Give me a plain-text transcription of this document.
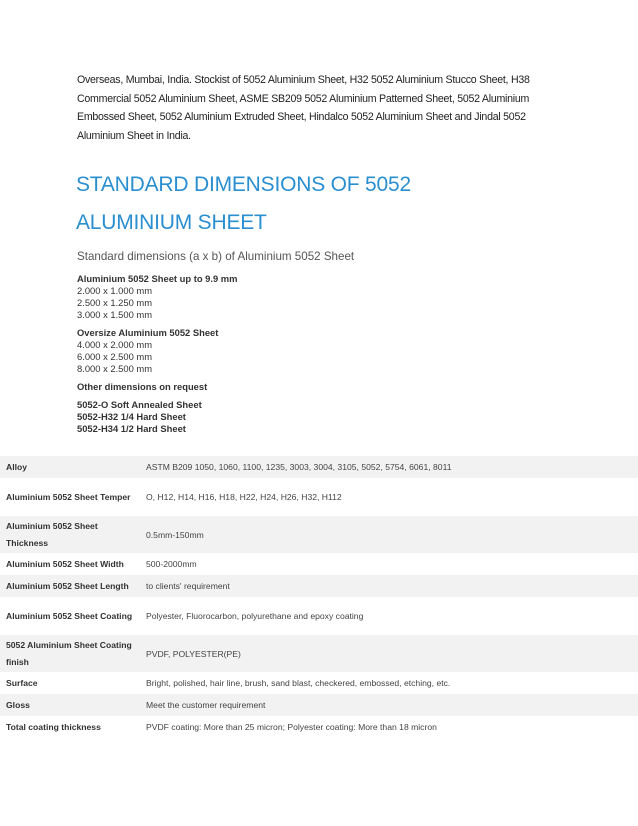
Overseas, Mumbai, India. Stockist of 5052 Aluminium Sheet, H32 5052 Aluminium Stucco Sheet, H38 Commercial 5052 Aluminium Sheet, ASME SB209 5052 Aluminium Patterned Sheet, 5052 Aluminium Embossed Sheet, 5052 Aluminium Extruded Sheet, Hindalco 5052 Aluminium Sheet and Jindal 5052 Aluminium Sheet in India.
STANDARD DIMENSIONS OF 5052
ALUMINIUM SHEET
Standard dimensions (a x b) of Aluminium 5052 Sheet
Aluminium 5052 Sheet up to 9.9 mm
2.000 x 1.000 mm
2.500 x 1.250 mm
3.000 x 1.500 mm
Oversize Aluminium 5052 Sheet
4.000 x 2.000 mm
6.000 x 2.500 mm
8.000 x 2.500 mm
Other dimensions on request
5052-O Soft Annealed Sheet
5052-H32 1/4 Hard Sheet
5052-H34 1/2 Hard Sheet
Alloy	ASTM B209 1050, 1060, 1100, 1235, 3003, 3004, 3105, 5052, 5754, 6061, 8011
Aluminium 5052 Sheet Temper	O, H12, H14, H16, H18, H22, H24, H26, H32, H112
Aluminium 5052 Sheet Thickness	0.5mm-150mm
Aluminium 5052 Sheet Width	500-2000mm
Aluminium 5052 Sheet Length	to clients' requirement
Aluminium 5052 Sheet Coating	Polyester, Fluorocarbon, polyurethane and epoxy coating
5052 Aluminium Sheet Coating finish	PVDF, POLYESTER(PE)
Surface	Bright, polished, hair line, brush, sand blast, checkered, embossed, etching, etc.
Gloss	Meet the customer requirement
Total coating thickness	PVDF coating: More than 25 micron; Polyester coating: More than 18 micron
